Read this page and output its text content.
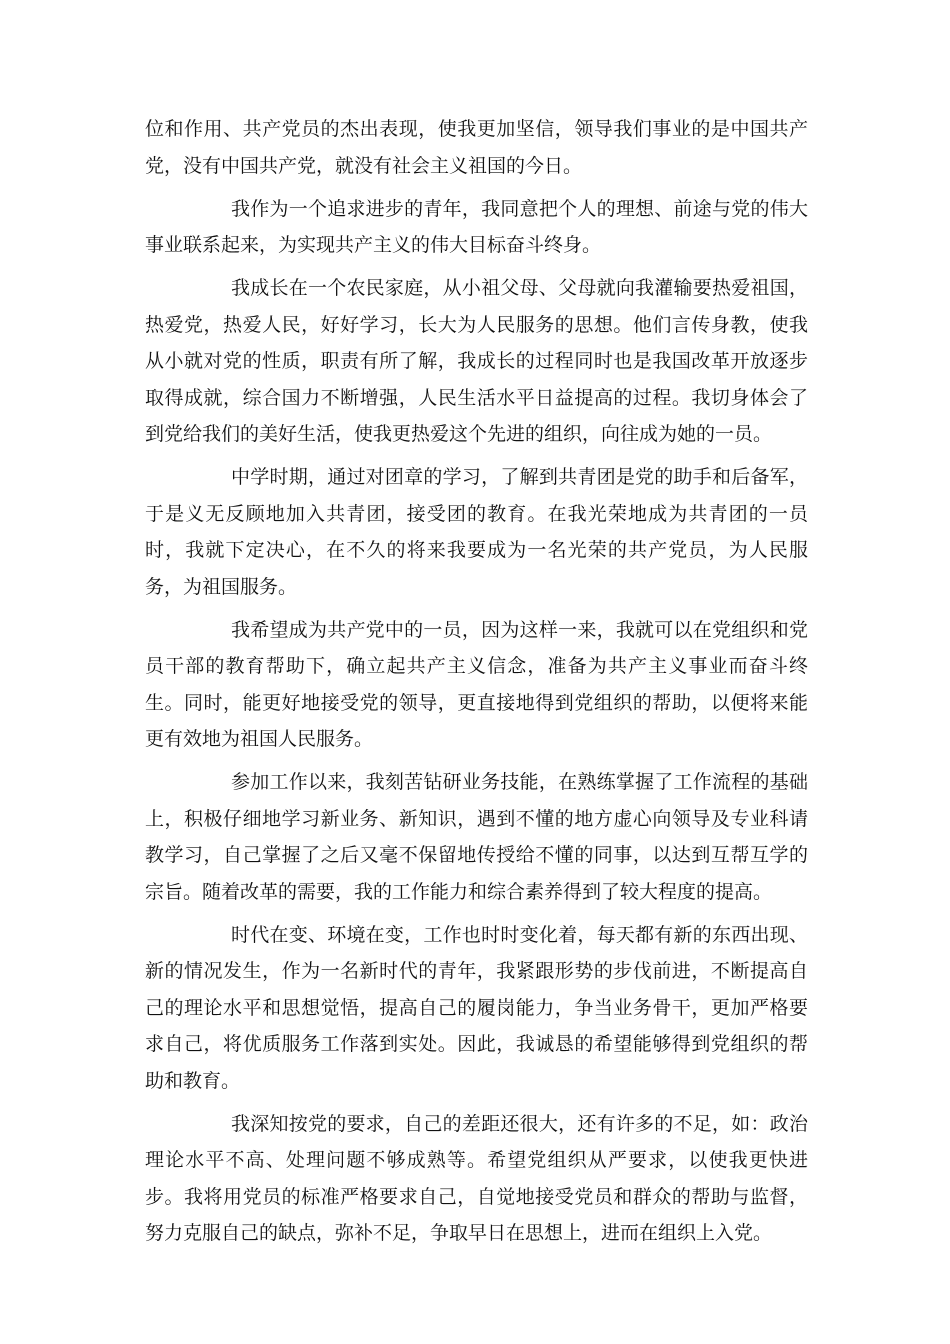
位和作用、共产党员的杰出表现，使我更加坚信，领导我们事业的是中国共产党，没有中国共产党，就没有社会主义祖国的今日。

我作为一个追求进步的青年，我同意把个人的理想、前途与党的伟大事业联系起来，为实现共产主义的伟大目标奋斗终身。

我成长在一个农民家庭，从小祖父母、父母就向我灌输要热爱祖国，热爱党，热爱人民，好好学习，长大为人民服务的思想。他们言传身教，使我从小就对党的性质，职责有所了解，我成长的过程同时也是我国改革开放逐步取得成就，综合国力不断增强，人民生活水平日益提高的过程。我切身体会了到党给我们的美好生活，使我更热爱这个先进的组织，向往成为她的一员。

中学时期，通过对团章的学习，了解到共青团是党的助手和后备军，于是义无反顾地加入共青团，接受团的教育。在我光荣地成为共青团的一员时，我就下定决心，在不久的将来我要成为一名光荣的共产党员，为人民服务，为祖国服务。

我希望成为共产党中的一员，因为这样一来，我就可以在党组织和党员干部的教育帮助下，确立起共产主义信念，准备为共产主义事业而奋斗终生。同时，能更好地接受党的领导，更直接地得到党组织的帮助，以便将来能更有效地为祖国人民服务。

参加工作以来，我刻苦钻研业务技能，在熟练掌握了工作流程的基础上，积极仔细地学习新业务、新知识，遇到不懂的地方虚心向领导及专业科请教学习，自己掌握了之后又毫不保留地传授给不懂的同事，以达到互帮互学的宗旨。随着改革的需要，我的工作能力和综合素养得到了较大程度的提高。

时代在变、环境在变，工作也时时变化着，每天都有新的东西出现、新的情况发生，作为一名新时代的青年，我紧跟形势的步伐前进，不断提高自己的理论水平和思想觉悟，提高自己的履岗能力，争当业务骨干，更加严格要求自己，将优质服务工作落到实处。因此，我诚恳的希望能够得到党组织的帮助和教育。

我深知按党的要求，自己的差距还很大，还有许多的不足，如：政治理论水平不高、处理问题不够成熟等。希望党组织从严要求，以使我更快进步。我将用党员的标准严格要求自己，自觉地接受党员和群众的帮助与监督，努力克服自己的缺点，弥补不足，争取早日在思想上，进而在组织上入党。
